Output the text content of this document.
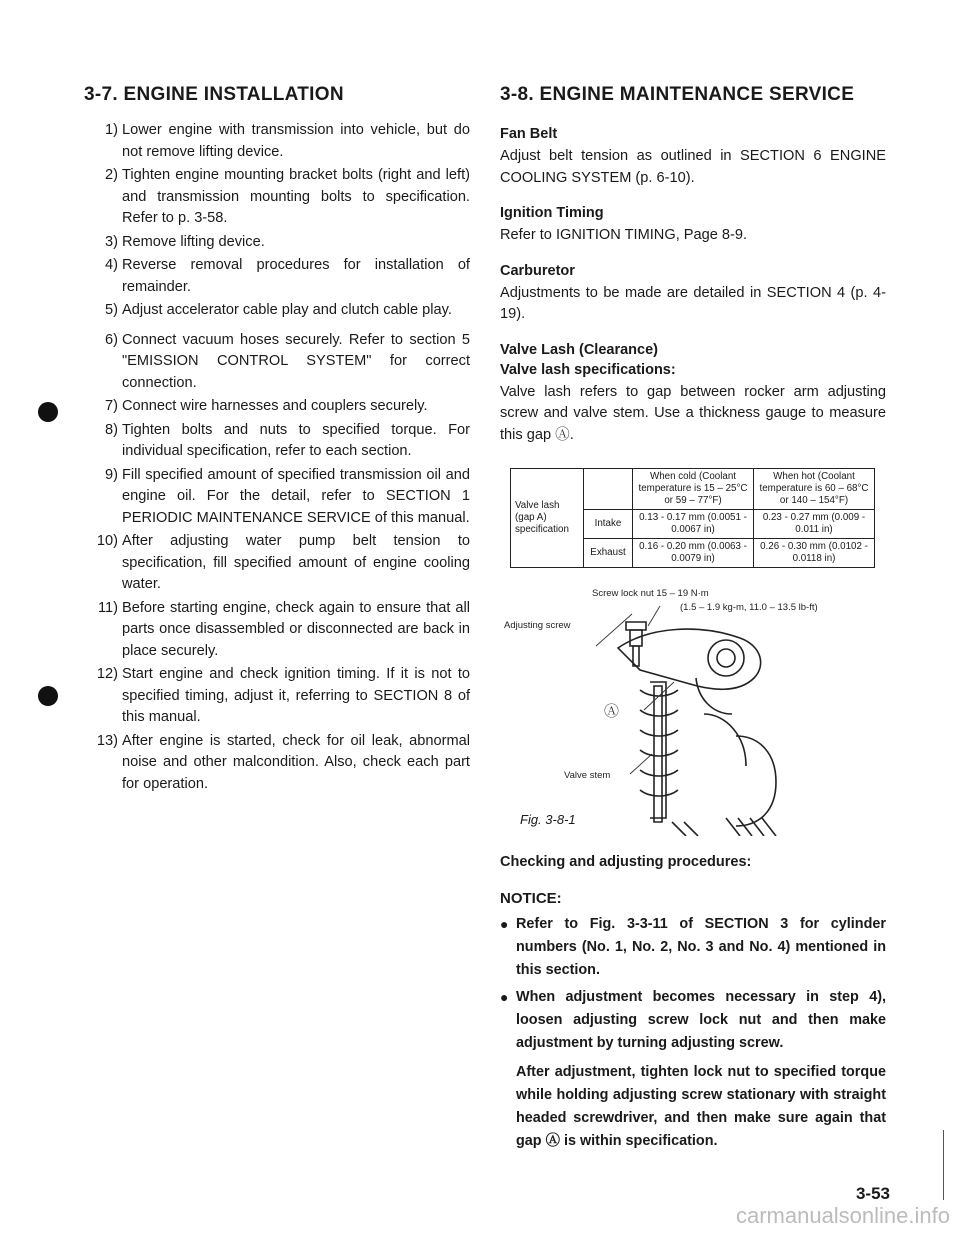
3-7. ENGINE INSTALLATION
1) Lower engine with transmission into vehicle, but do not remove lifting device.
2) Tighten engine mounting bracket bolts (right and left) and transmission mounting bolts to specification. Refer to p. 3-58.
3) Remove lifting device.
4) Reverse removal procedures for installation of remainder.
5) Adjust accelerator cable play and clutch cable play.
6) Connect vacuum hoses securely. Refer to section 5 "EMISSION CONTROL SYSTEM" for correct connection.
7) Connect wire harnesses and couplers securely.
8) Tighten bolts and nuts to specified torque. For individual specification, refer to each section.
9) Fill specified amount of specified transmission oil and engine oil. For the detail, refer to SECTION 1 PERIODIC MAINTENANCE SERVICE of this manual.
10) After adjusting water pump belt tension to specification, fill specified amount of engine cooling water.
11) Before starting engine, check again to ensure that all parts once disassembled or disconnected are back in place securely.
12) Start engine and check ignition timing. If it is not to specified timing, adjust it, referring to SECTION 8 of this manual.
13) After engine is started, check for oil leak, abnormal noise and other malcondition. Also, check each part for operation.
3-8. ENGINE MAINTENANCE SERVICE
Fan Belt

Adjust belt tension as outlined in SECTION 6 ENGINE COOLING SYSTEM (p. 6-10).

Ignition Timing

Refer to IGNITION TIMING, Page 8-9.

Carburetor

Adjustments to be made are detailed in SECTION 4 (p. 4-19).

Valve Lash (Clearance)
Valve lash specifications:

Valve lash refers to gap between rocker arm adjusting screw and valve stem. Use a thickness gauge to measure this gap Ⓐ.

Valve lash (gap A) specification		When cold (Coolant temperature is 15 – 25°C or 59 – 77°F)	When hot (Coolant temperature is 60 – 68°C or 140 – 154°F)
	Intake	0.13 - 0.17 mm (0.0051 - 0.0067 in)	0.23 - 0.27 mm (0.009 - 0.011 in)
	Exhaust	0.16 - 0.20 mm (0.0063 - 0.0079 in)	0.26 - 0.30 mm (0.0102 - 0.0118 in)
Screw lock nut 15 – 19 N·m
(1.5 – 1.9 kg-m, 11.0 – 13.5 lb-ft)
Adjusting screw
Ⓐ
Valve stem
Fig. 3-8-1
Checking and adjusting procedures:
NOTICE:
● Refer to Fig. 3-3-11 of SECTION 3 for cylinder numbers (No. 1, No. 2, No. 3 and No. 4) mentioned in this section.
● When adjustment becomes necessary in step 4), loosen adjusting screw lock nut and then make adjustment by turning adjusting screw.
After adjustment, tighten lock nut to specified torque while holding adjusting screw stationary with straight headed screwdriver, and then make sure again that gap Ⓐ is within specification.
3-53
carmanualsonline.info
